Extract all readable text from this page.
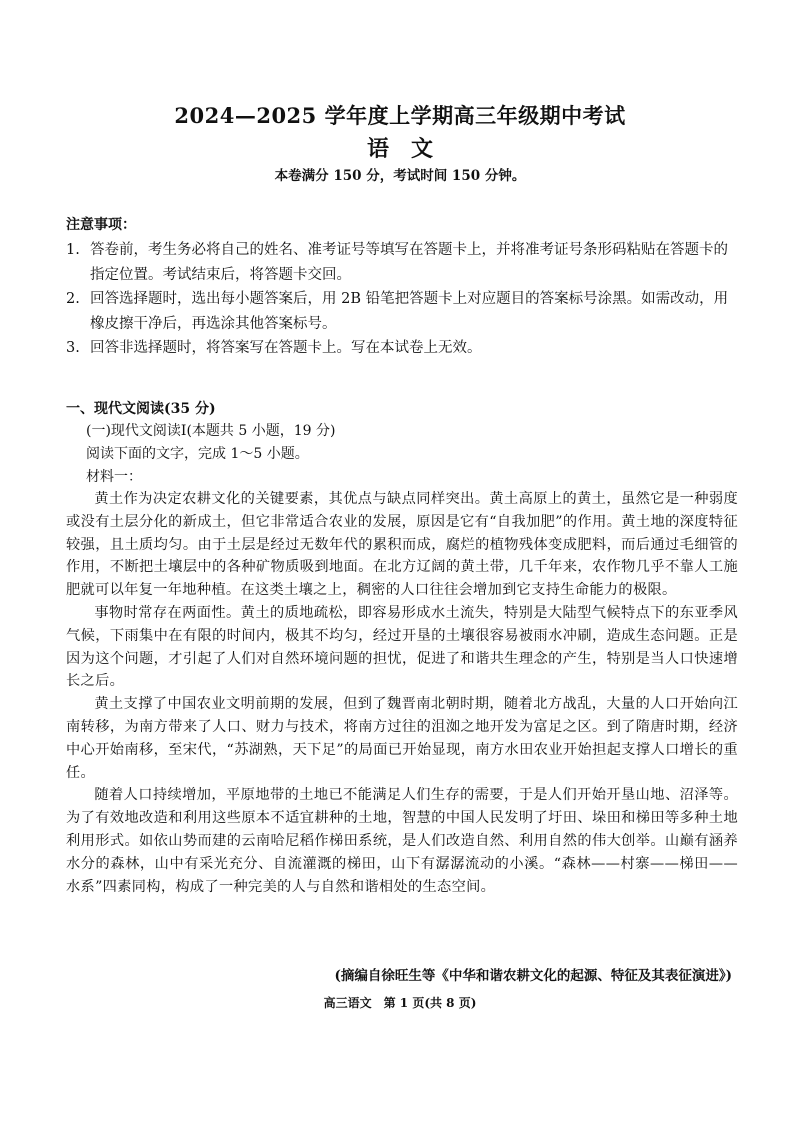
2024—2025 学年度上学期高三年级期中考试
语文
本卷满分 150 分，考试时间 150 分钟。
注意事项：
1. 答卷前，考生务必将自己的姓名、准考证号等填写在答题卡上，并将准考证号条形码粘贴在答题卡的指定位置。考试结束后，将答题卡交回。
2. 回答选择题时，选出每小题答案后，用 2B 铅笔把答题卡上对应题目的答案标号涂黑。如需改动，用橡皮擦干净后，再选涂其他答案标号。
3. 回答非选择题时，将答案写在答题卡上。写在本试卷上无效。
一、现代文阅读(35 分)
(一)现代文阅读Ⅰ(本题共 5 小题，19 分)
阅读下面的文字，完成 1～5 小题。
材料一：

黄土作为决定农耕文化的关键要素，其优点与缺点同样突出。黄土高原上的黄土，虽然它是一种弱度或没有土层分化的新成土，但它非常适合农业的发展，原因是它有“自我加肥”的作用。黄土地的深度特征较强，且土质均匀。由于土层是经过无数年代的累积而成，腐烂的植物残体变成肥料，而后通过毛细管的作用，不断把土壤层中的各种矿物质吸到地面。在北方辽阔的黄土带，几千年来，农作物几乎不靠人工施肥就可以年复一年地种植。在这类土壤之上，稠密的人口往往会增加到它支持生命能力的极限。

事物时常存在两面性。黄土的质地疏松，即容易形成水土流失，特别是大陆型气候特点下的东亚季风气候，下雨集中在有限的时间内，极其不均匀，经过开垦的土壤很容易被雨水冲刷，造成生态问题。正是因为这个问题，才引起了人们对自然环境问题的担忧，促进了和谐共生理念的产生，特别是当人口快速增长之后。

黄土支撑了中国农业文明前期的发展，但到了魏晋南北朝时期，随着北方战乱，大量的人口开始向江南转移，为南方带来了人口、财力与技术，将南方过往的沮洳之地开发为富足之区。到了隋唐时期，经济中心开始南移，至宋代，“苏湖熟，天下足”的局面已开始显现，南方水田农业开始担起支撑人口增长的重任。

随着人口持续增加，平原地带的土地已不能满足人们生存的需要，于是人们开始开垦山地、沼泽等。为了有效地改造和利用这些原本不适宜耕种的土地，智慧的中国人民发明了圩田、垛田和梯田等多种土地利用形式。如依山势而建的云南哈尼稻作梯田系统，是人们改造自然、利用自然的伟大创举。山巅有涵养水分的森林，山中有采光充分、自流灌溉的梯田，山下有潺潺流动的小溪。“森林——村寨——梯田——水系”四素同构，构成了一种完美的人与自然和谐相处的生态空间。

(摘编自徐旺生等《中华和谐农耕文化的起源、特征及其表征演进》)
高三语文　第 1 页(共 8 页)
